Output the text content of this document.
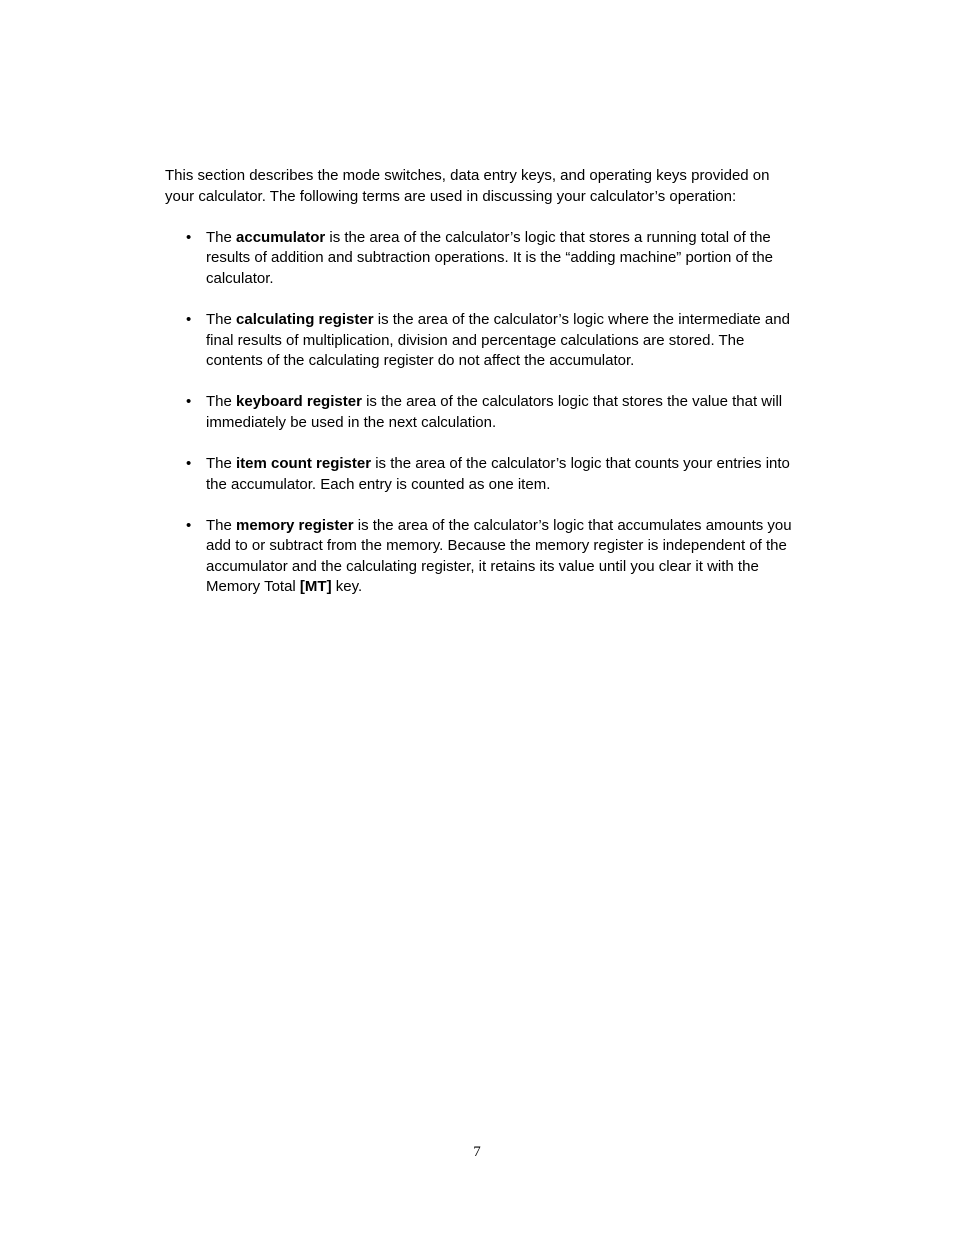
This section describes the mode switches, data entry keys, and operating keys provided on your calculator. The following terms are used in discussing your calculator’s operation:

• The accumulator is the area of the calculator’s logic that stores a running total of the results of addition and subtraction operations. It is the “adding machine” portion of the calculator.
• The calculating register is the area of the calculator’s logic where the intermediate and final results of multiplication, division and percentage calculations are stored. The contents of the calculating register do not affect the accumulator.
• The keyboard register is the area of the calculators logic that stores the value that will immediately be used in the next calculation.
• The item count register is the area of the calculator’s logic that counts your entries into the accumulator. Each entry is counted as one item.
• The memory register is the area of the calculator’s logic that accumulates amounts you add to or subtract from the memory. Because the memory register is independent of the accumulator and the calculating register, it retains its value until you clear it with the Memory Total [MT] key.
7
